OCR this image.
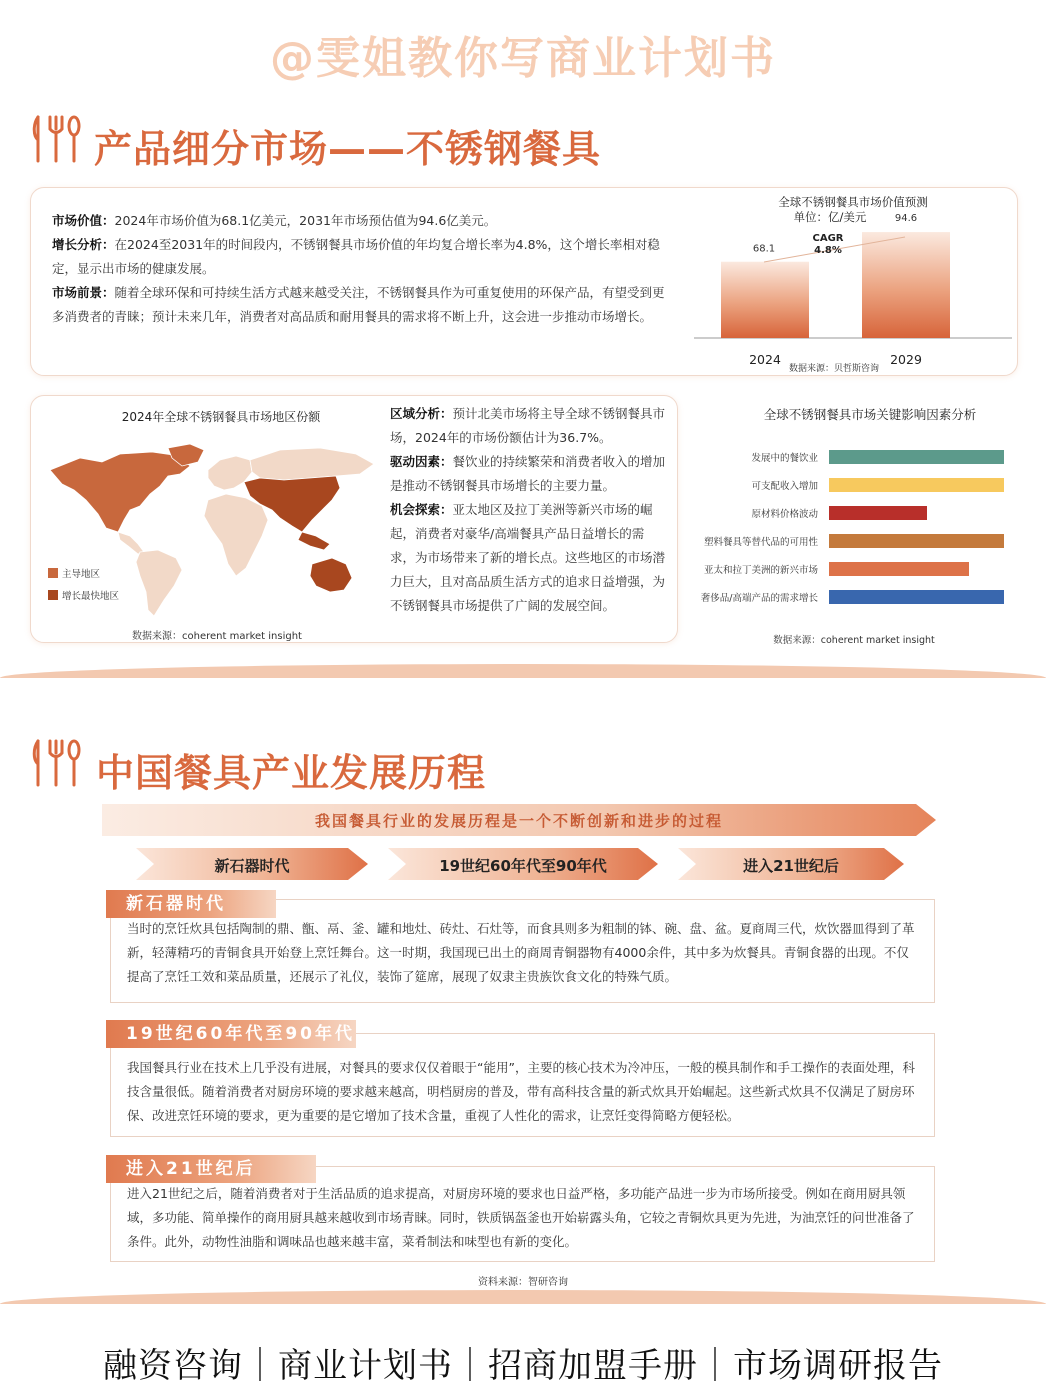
@雯姐教你写商业计划书
产品细分市场——不锈钢餐具

市场价值：2024年市场价值为68.1亿美元，2031年市场预估值为94.6亿美元。

增长分析：在2024至2031年的时间段内，不锈钢餐具市场价值的年均复合增长率为4.8%，这个增长率相对稳定，显示出市场的健康发展。

市场前景：随着全球环保和可持续生活方式越来越受关注，不锈钢餐具作为可重复使用的环保产品，有望受到更多消费者的青睐；预计未来几年，消费者对高品质和耐用餐具的需求将不断上升，这会进一步推动市场增长。

全球不锈钢餐具市场价值预测
单位：亿/美元
68.1
2024
94.6
2029
CAGR
4.8%
数据来源：贝哲斯咨询
2024年全球不锈钢餐具市场地区份额
主导地区
增长最快地区
数据来源：coherent market insight

区域分析：预计北美市场将主导全球不锈钢餐具市场，2024年的市场份额估计为36.7%。

驱动因素：餐饮业的持续繁荣和消费者收入的增加是推动不锈钢餐具市场增长的主要力量。

机会探索：亚太地区及拉丁美洲等新兴市场的崛起，消费者对豪华/高端餐具产品日益增长的需求，为市场带来了新的增长点。这些地区的市场潜力巨大，且对高品质生活方式的追求日益增强，为不锈钢餐具市场提供了广阔的发展空间。

全球不锈钢餐具市场关键影响因素分析
发展中的餐饮业
可支配收入增加
原材料价格波动
塑料餐具等替代品的可用性
亚太和拉丁美洲的新兴市场
奢侈品/高端产品的需求增长
数据来源：coherent market insight
中国餐具产业发展历程
我国餐具行业的发展历程是一个不断创新和进步的过程
新石器时代	19世纪60年代至90年代	进入21世纪后
新石器时代
当时的烹饪炊具包括陶制的鼎、甑、鬲、釜、罐和地灶、砖灶、石灶等，而食具则多为粗制的钵、碗、盘、盆。夏商周三代，炊饮器皿得到了革新，轻薄精巧的青铜食具开始登上烹饪舞台。这一时期，我国现已出土的商周青铜器物有4000余件，其中多为炊餐具。青铜食器的出现。不仅提高了烹饪工效和菜品质量，还展示了礼仪，装饰了筵席，展现了奴隶主贵族饮食文化的特殊气质。
19世纪60年代至90年代
我国餐具行业在技术上几乎没有进展，对餐具的要求仅仅着眼于“能用”，主要的核心技术为冷冲压，一般的模具制作和手工操作的表面处理，科技含量很低。随着消费者对厨房环境的要求越来越高，明档厨房的普及，带有高科技含量的新式炊具开始崛起。这些新式炊具不仅满足了厨房环保、改进烹饪环境的要求，更为重要的是它增加了技术含量，重视了人性化的需求，让烹饪变得简略方便轻松。
进入21世纪后
进入21世纪之后，随着消费者对于生活品质的追求提高，对厨房环境的要求也日益严格，多功能产品进一步为市场所接受。例如在商用厨具领域，多功能、简单操作的商用厨具越来越收到市场青睐。同时，铁质锅盔釜也开始崭露头角，它较之青铜炊具更为先进，为油烹饪的问世准备了条件。此外，动物性油脂和调味品也越来越丰富，菜肴制法和味型也有新的变化。
资料来源：智研咨询
融资咨询｜商业计划书｜招商加盟手册｜市场调研报告
